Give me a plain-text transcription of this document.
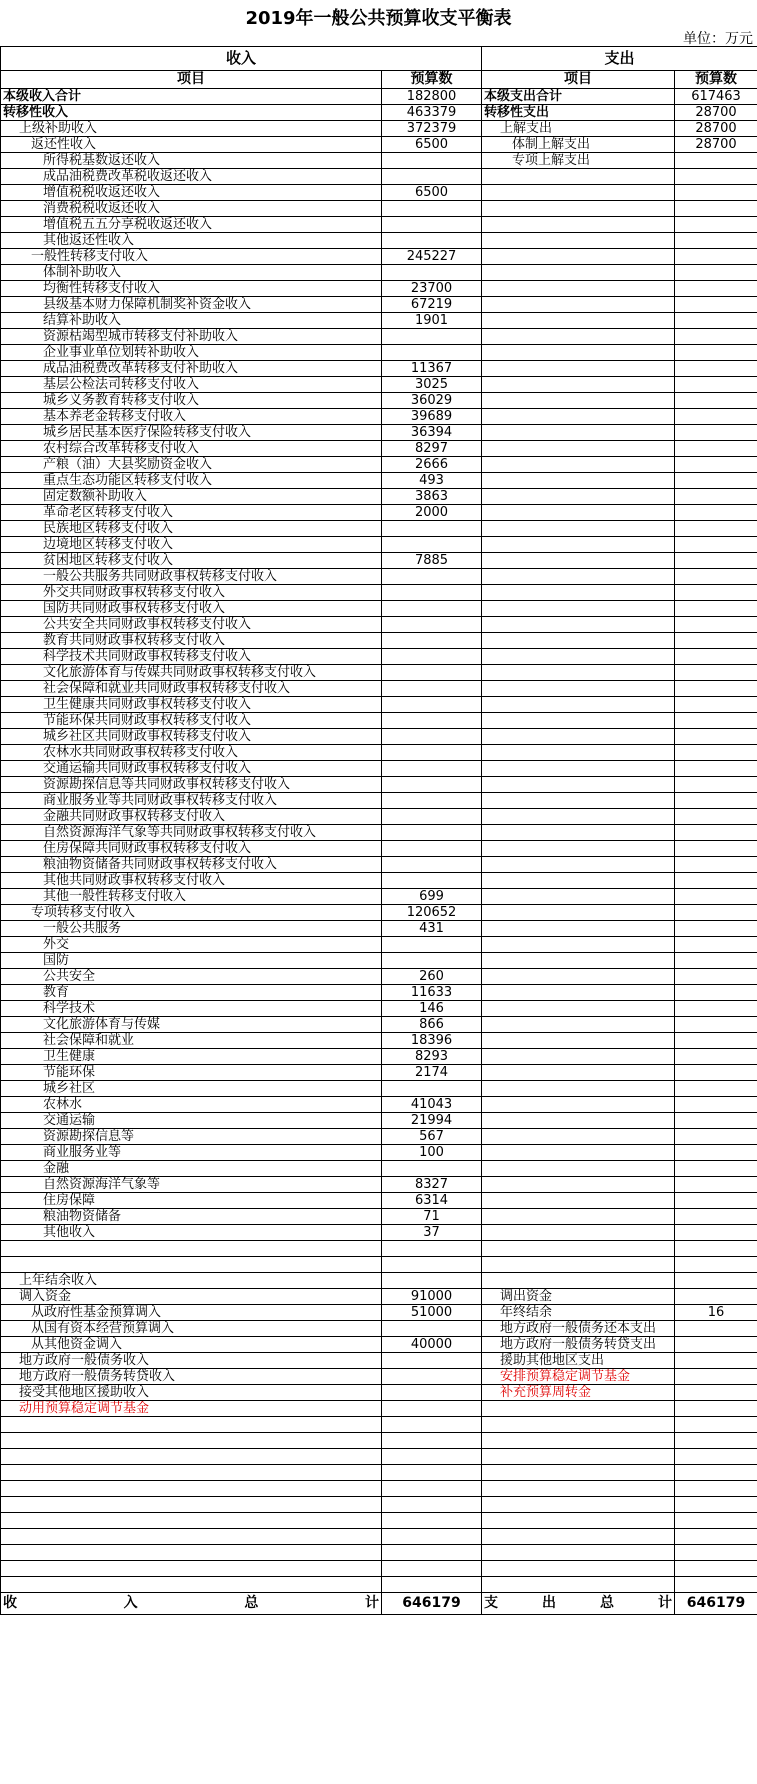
2019年一般公共预算收支平衡表
单位：万元
收入		支出	
项目	预算数	项目	预算数
本级收入合计	182800	本级支出合计	617463
转移性收入	463379	转移性支出	28700
上级补助收入	372379	上解支出	28700
返还性收入	6500	体制上解支出	28700
所得税基数返还收入		专项上解支出	
成品油税费改革税收返还收入			
增值税税收返还收入	6500		
消费税税收返还收入			
增值税五五分享税收返还收入			
其他返还性收入			
一般性转移支付收入	245227		
体制补助收入			
均衡性转移支付收入	23700		
县级基本财力保障机制奖补资金收入	67219		
结算补助收入	1901		
资源枯竭型城市转移支付补助收入			
企业事业单位划转补助收入			
成品油税费改革转移支付补助收入	11367		
基层公检法司转移支付收入	3025		
城乡义务教育转移支付收入	36029		
基本养老金转移支付收入	39689		
城乡居民基本医疗保险转移支付收入	36394		
农村综合改革转移支付收入	8297		
产粮（油）大县奖励资金收入	2666		
重点生态功能区转移支付收入	493		
固定数额补助收入	3863		
革命老区转移支付收入	2000		
民族地区转移支付收入			
边境地区转移支付收入			
贫困地区转移支付收入	7885		
一般公共服务共同财政事权转移支付收入			
外交共同财政事权转移支付收入			
国防共同财政事权转移支付收入			
公共安全共同财政事权转移支付收入			
教育共同财政事权转移支付收入			
科学技术共同财政事权转移支付收入			
文化旅游体育与传媒共同财政事权转移支付收入			
社会保障和就业共同财政事权转移支付收入			
卫生健康共同财政事权转移支付收入			
节能环保共同财政事权转移支付收入			
城乡社区共同财政事权转移支付收入			
农林水共同财政事权转移支付收入			
交通运输共同财政事权转移支付收入			
资源勘探信息等共同财政事权转移支付收入			
商业服务业等共同财政事权转移支付收入			
金融共同财政事权转移支付收入			
自然资源海洋气象等共同财政事权转移支付收入			
住房保障共同财政事权转移支付收入			
粮油物资储备共同财政事权转移支付收入			
其他共同财政事权转移支付收入			
其他一般性转移支付收入	699		
专项转移支付收入	120652		
一般公共服务	431		
外交			
国防			
公共安全	260		
教育	11633		
科学技术	146		
文化旅游体育与传媒	866		
社会保障和就业	18396		
卫生健康	8293		
节能环保	2174		
城乡社区			
农林水	41043		
交通运输	21994		
资源勘探信息等	567		
商业服务业等	100		
金融			
自然资源海洋气象等	8327		
住房保障	6314		
粮油物资储备	71		
其他收入	37		

上年结余收入			
调入资金	91000	调出资金	
从政府性基金预算调入	51000	年终结余	16
从国有资本经营预算调入		地方政府一般债务还本支出	
从其他资金调入	40000	地方政府一般债务转贷支出	
地方政府一般债务收入		援助其他地区支出	
地方政府一般债务转贷收入		安排预算稳定调节基金	
接受其他地区援助收入		补充预算周转金	
动用预算稳定调节基金			

收 入 总 计	646179	支 出 总 计	646179
